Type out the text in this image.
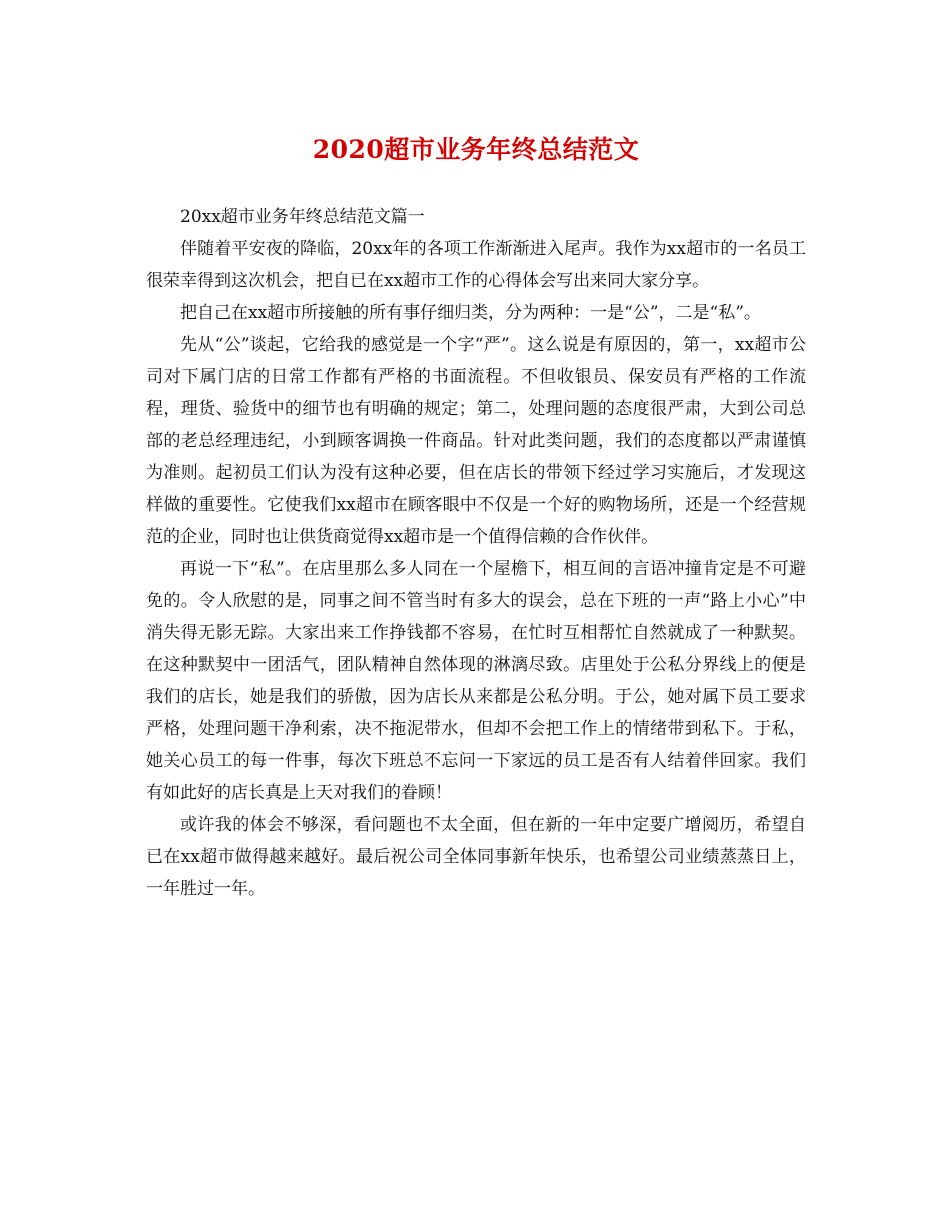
2020超市业务年终总结范文

20xx超市业务年终总结范文篇一

伴随着平安夜的降临，20xx年的各项工作渐渐进入尾声。我作为xx超市的一名员工很荣幸得到这次机会，把自已在xx超市工作的心得体会写出来同大家分享。

把自己在xx超市所接触的所有事仔细归类，分为两种：一是“公”，二是“私”。

先从“公”谈起，它给我的感觉是一个字“严”。这么说是有原因的，第一，xx超市公司对下属门店的日常工作都有严格的书面流程。不但收银员、保安员有严格的工作流程，理货、验货中的细节也有明确的规定；第二，处理问题的态度很严肃，大到公司总部的老总经理违纪，小到顾客调换一件商品。针对此类问题，我们的态度都以严肃谨慎为准则。起初员工们认为没有这种必要，但在店长的带领下经过学习实施后，才发现这样做的重要性。它使我们xx超市在顾客眼中不仅是一个好的购物场所，还是一个经营规范的企业，同时也让供货商觉得xx超市是一个值得信赖的合作伙伴。

再说一下“私”。在店里那么多人同在一个屋檐下，相互间的言语冲撞肯定是不可避免的。令人欣慰的是，同事之间不管当时有多大的误会，总在下班的一声“路上小心”中消失得无影无踪。大家出来工作挣钱都不容易，在忙时互相帮忙自然就成了一种默契。在这种默契中一团活气，团队精神自然体现的淋漓尽致。店里处于公私分界线上的便是我们的店长，她是我们的骄傲，因为店长从来都是公私分明。于公，她对属下员工要求严格，处理问题干净利索，决不拖泥带水，但却不会把工作上的情绪带到私下。于私，她关心员工的每一件事，每次下班总不忘问一下家远的员工是否有人结着伴回家。我们有如此好的店长真是上天对我们的眷顾！

或许我的体会不够深，看问题也不太全面，但在新的一年中定要广增阅历，希望自已在xx超市做得越来越好。最后祝公司全体同事新年快乐，也希望公司业绩蒸蒸日上，一年胜过一年。
